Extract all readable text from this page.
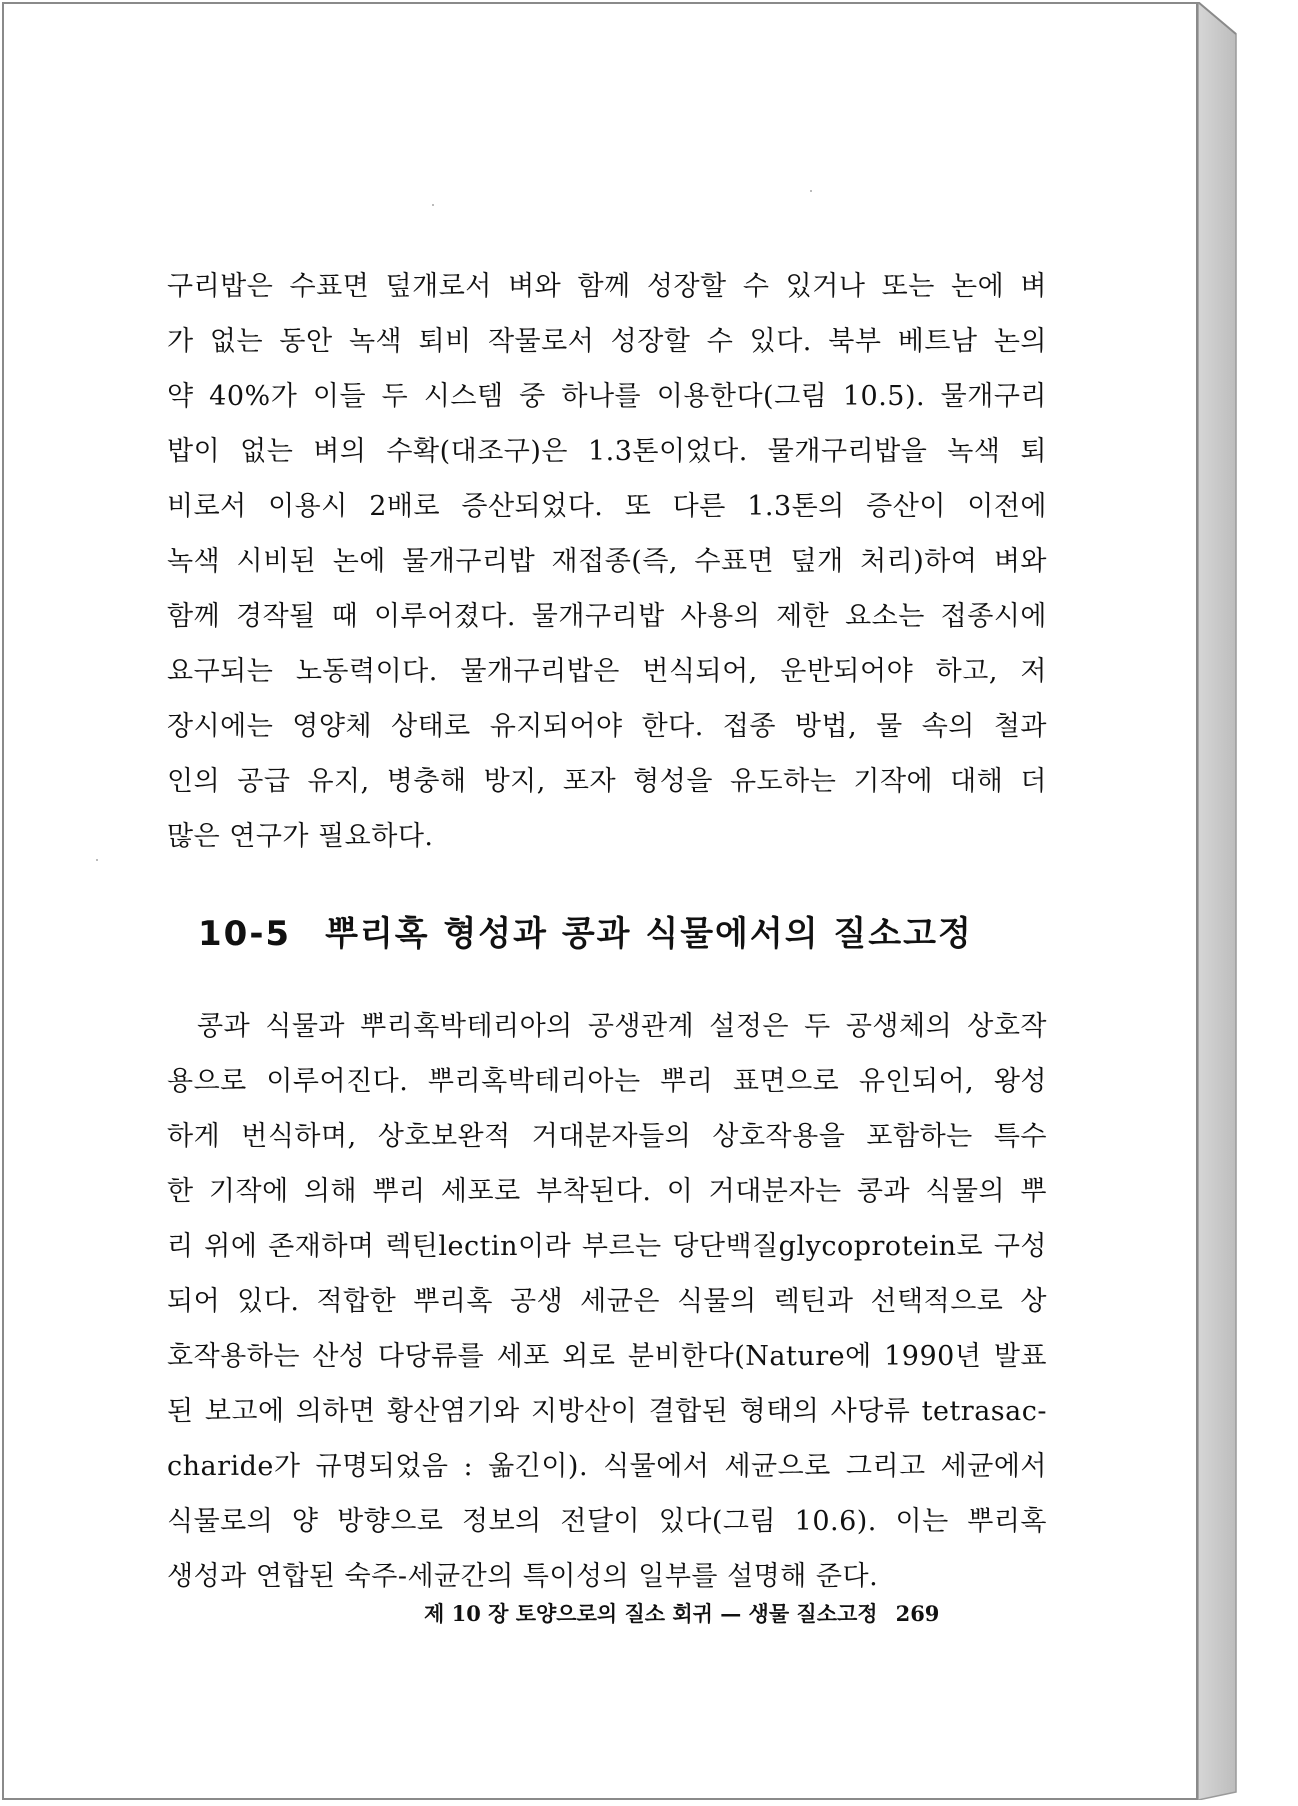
구리밥은 수표면 덮개로서 벼와 함께 성장할 수 있거나 또는 논에 벼
가 없는 동안 녹색 퇴비 작물로서 성장할 수 있다. 북부 베트남 논의
약 40%가 이들 두 시스템 중 하나를 이용한다(그림 10.5). 물개구리
밥이 없는 벼의 수확(대조구)은 1.3톤이었다. 물개구리밥을 녹색 퇴
비로서 이용시 2배로 증산되었다. 또 다른 1.3톤의 증산이 이전에
녹색 시비된 논에 물개구리밥 재접종(즉, 수표면 덮개 처리)하여 벼와
함께 경작될 때 이루어졌다. 물개구리밥 사용의 제한 요소는 접종시에
요구되는 노동력이다. 물개구리밥은 번식되어, 운반되어야 하고, 저
장시에는 영양체 상태로 유지되어야 한다. 접종 방법, 물 속의 철과
인의 공급 유지, 병충해 방지, 포자 형성을 유도하는 기작에 대해 더
많은 연구가 필요하다.
10-5 뿌리혹 형성과 콩과 식물에서의 질소고정
콩과 식물과 뿌리혹박테리아의 공생관계 설정은 두 공생체의 상호작
용으로 이루어진다. 뿌리혹박테리아는 뿌리 표면으로 유인되어, 왕성
하게 번식하며, 상호보완적 거대분자들의 상호작용을 포함하는 특수
한 기작에 의해 뿌리 세포로 부착된다. 이 거대분자는 콩과 식물의 뿌
리 위에 존재하며 렉틴lectin이라 부르는 당단백질glycoprotein로 구성
되어 있다. 적합한 뿌리혹 공생 세균은 식물의 렉틴과 선택적으로 상
호작용하는 산성 다당류를 세포 외로 분비한다(Nature에 1990년 발표
된 보고에 의하면 황산염기와 지방산이 결합된 형태의 사당류 tetrasac-
charide가 규명되었음 : 옮긴이). 식물에서 세균으로 그리고 세균에서
식물로의 양 방향으로 정보의 전달이 있다(그림 10.6). 이는 뿌리혹
생성과 연합된 숙주-세균간의 특이성의 일부를 설명해 준다.
제 10 장 토양으로의 질소 회귀 — 생물 질소고정 269
